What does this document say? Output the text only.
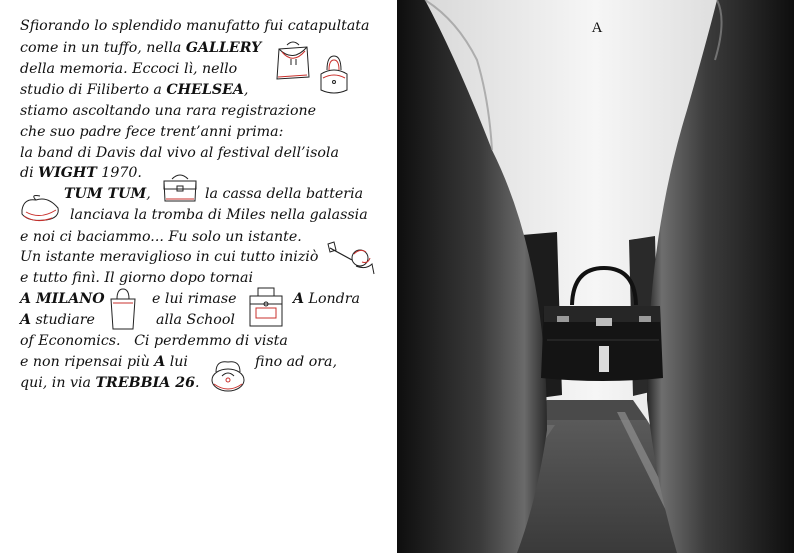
Sfiorando lo splendido manufatto fui catapultata
come in un tuffo, nella GALLERY
della memoria. Eccoci lì, nello
studio di Filiberto a CHELSEA,
stiamo ascoltando una rara registrazione
che suo padre fece trent’anni prima:
la band di Davis dal vivo al festival dell’isola
di WIGHT 1970.
TUM TUM,	la cassa della batteria
lanciava la tromba di Miles nella galassia
e noi ci baciammo... Fu solo un istante.
Un istante meraviglioso in cui tutto iniziò
e tutto finì. Il giorno dopo tornai
A MILANO	e lui rimase	A Londra
A studiare	alla School
of Economics.   Ci perdemmo di vista
e non ripensai più A lui	fino ad ora,
qui, in via TREBBIA 26.
A
